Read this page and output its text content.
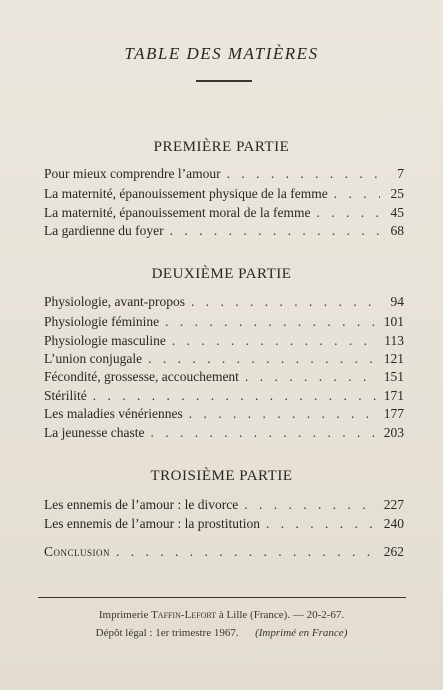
TABLE DES MATIÈRES
PREMIÈRE PARTIE
Pour mieux comprendre l’amour . . .	7
La maternité, épanouissement physique de la femme . . .	25
La maternité, épanouissement moral de la femme . . .	45
La gardienne du foyer . . .	68
DEUXIÈME PARTIE
Physiologie, avant-propos . . .	94
Physiologie féminine . . .	101
Physiologie masculine . . .	113
L’union conjugale . . .	121
Fécondité, grossesse, accouchement . . .	151
Stérilité . . .	171
Les maladies vénériennes . . .	177
La jeunesse chaste . . .	203
TROISIÈME PARTIE
Les ennemis de l’amour : le divorce . . .	227
Les ennemis de l’amour : la prostitution . . .	240
Conclusion . . .	262
Imprimerie Taffin-Lefort à Lille (France). — 20-2-67.
Dépôt légal : 1er trimestre 1967. (Imprimé en France)
